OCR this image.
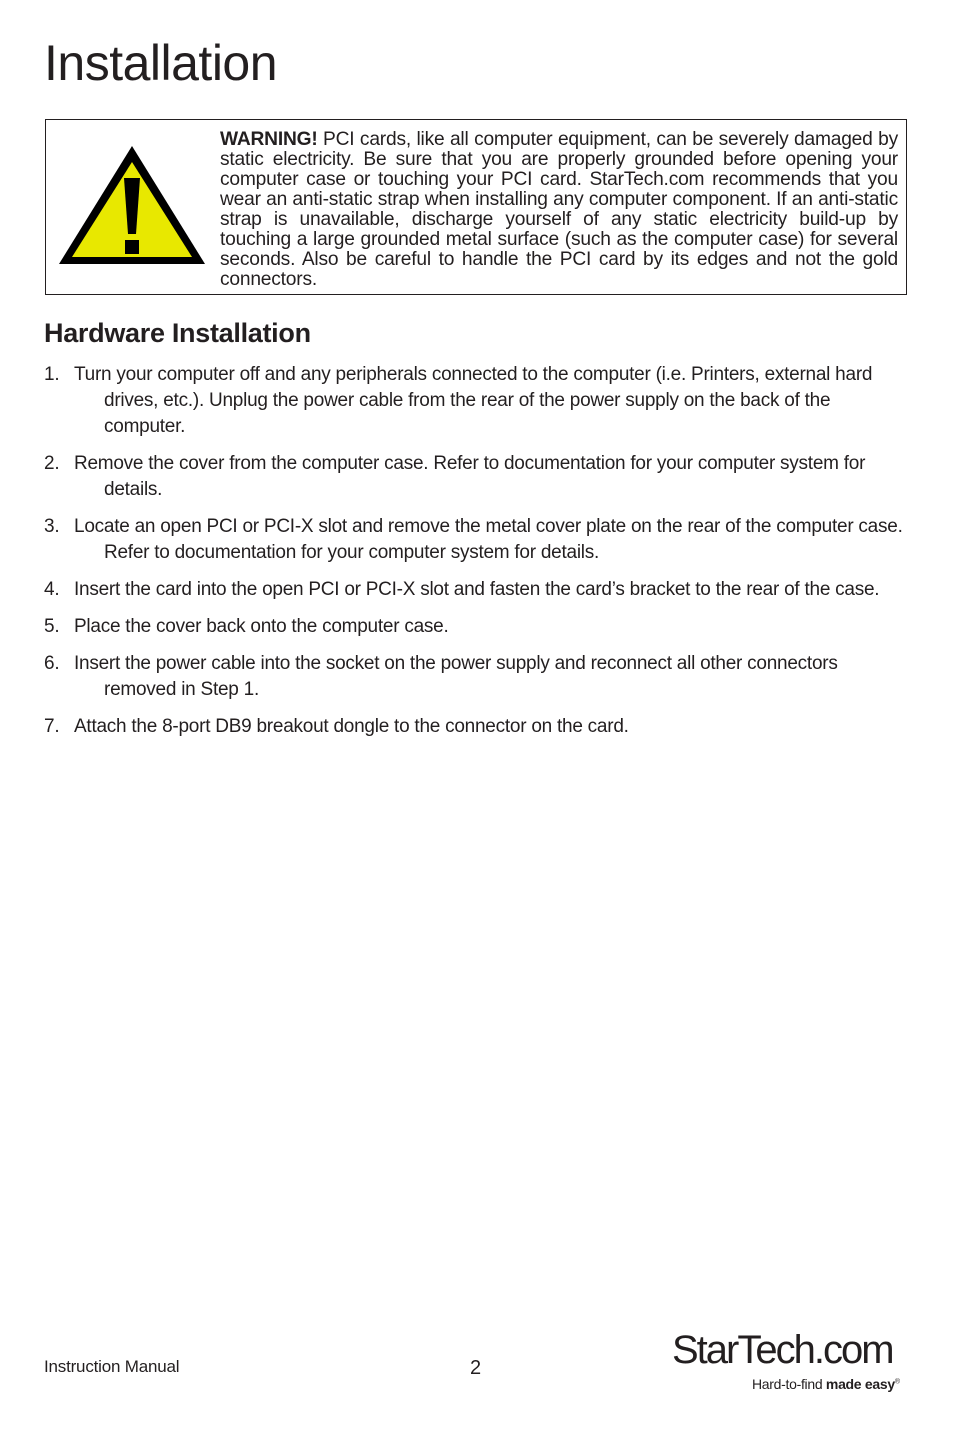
Installation

WARNING! PCI cards, like all computer equipment, can be severely damaged by static electricity. Be sure that you are properly grounded before opening your computer case or touching your PCI card. StarTech.com recommends that you wear an anti-static strap when installing any computer component. If an anti-static strap is unavailable, discharge yourself of any static electricity build-up by touching a large grounded metal surface (such as the computer case) for several seconds. Also be careful to handle the PCI card by its edges and not the gold connectors.

Hardware Installation
1. Turn your computer off and any peripherals connected to the computer (i.e. Printers, external hard drives, etc.). Unplug the power cable from the rear of the power supply on the back of the computer.
2. Remove the cover from the computer case. Refer to documentation for your computer system for details.
3. Locate an open PCI or PCI-X slot and remove the metal cover plate on the rear of the computer case. Refer to documentation for your computer system for details.
4. Insert the card into the open PCI or PCI-X slot and fasten the card’s bracket to the rear of the case.
5. Place the cover back onto the computer case.
6. Insert the power cable into the socket on the power supply and reconnect all other connectors removed in Step 1.
7. Attach the 8-port DB9 breakout dongle to the connector on the card.
Instruction Manual	2	StarTech.com
Hard-to-find made easy®
